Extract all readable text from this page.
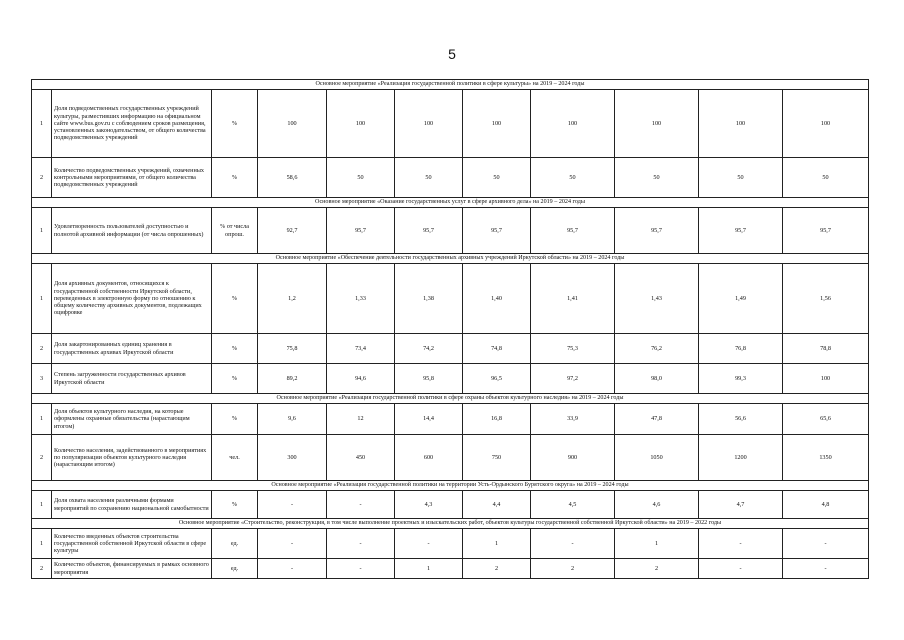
5
Основное мероприятие «Реализация государственной политики в сфере культуры» на 2019 – 2024 годы										
1	Доля подведомственных государственных учреждений культуры, разместивших информацию на официальном сайте www.bus.gov.ru с соблюдением сроков размещения, установленных законодательством, от общего количества подведомственных учреждений	%	100	100	100	100	100	100	100	100
2	Количество подведомственных учреждений, охваченных контрольными мероприятиями, от общего количества подведомственных учреждений	%	58,6	50	50	50	50	50	50	50
Основное мероприятие «Оказание государственных услуг в сфере архивного дела» на 2019 – 2024 годы										
1	Удовлетворенность пользователей доступностью и полнотой архивной информации (от числа опрошенных)	% от числа опрош.	92,7	95,7	95,7	95,7	95,7	95,7	95,7	95,7
Основное мероприятие «Обеспечение деятельности государственных архивных учреждений Иркутской области» на 2019 – 2024 годы										
1	Доля архивных документов, относящихся к государственной собственности Иркутской области, переведенных в электронную форму по отношению к общему количеству архивных документов, подлежащих оцифровке	%	1,2	1,33	1,38	1,40	1,41	1,43	1,49	1,56
2	Доля закартонированных единиц хранения в государственных архивах Иркутской области	%	75,8	73,4	74,2	74,8	75,3	76,2	76,8	78,8
3	Степень загруженности государственных архивов Иркутской области	%	89,2	94,6	95,8	96,5	97,2	98,0	99,3	100
Основное мероприятие «Реализация государственной политики в сфере охраны объектов культурного наследия» на 2019 – 2024 годы										
1	Доля объектов культурного наследия, на которые оформлены охранные обязательства (нарастающим итогом)	%	9,6	12	14,4	16,8	33,9	47,8	56,6	65,6
2	Количество населения, задействованного в мероприятиях по популяризации объектов культурного наследия (нарастающим итогом)	чел.	300	450	600	750	900	1050	1200	1350
Основное мероприятие «Реализация государственной политики на территории Усть-Ордынского Бурятского округа» на 2019 – 2024 годы										
1	Доля охвата населения различными формами мероприятий по сохранению национальной самобытности	%	-	-	4,3	4,4	4,5	4,6	4,7	4,8
Основное мероприятие «Строительство, реконструкция, в том числе выполнение проектных и изыскательских работ, объектов культуры государственной собственной Иркутской области» на 2019 – 2022 годы										
1	Количество введенных объектов строительства государственной собственной Иркутской области в сфере культуры	ед.	-	-	-	1	-	1	-	-
2	Количество объектов, финансируемых в рамках основного мероприятия	ед.	-	-	1	2	2	2	-	-
